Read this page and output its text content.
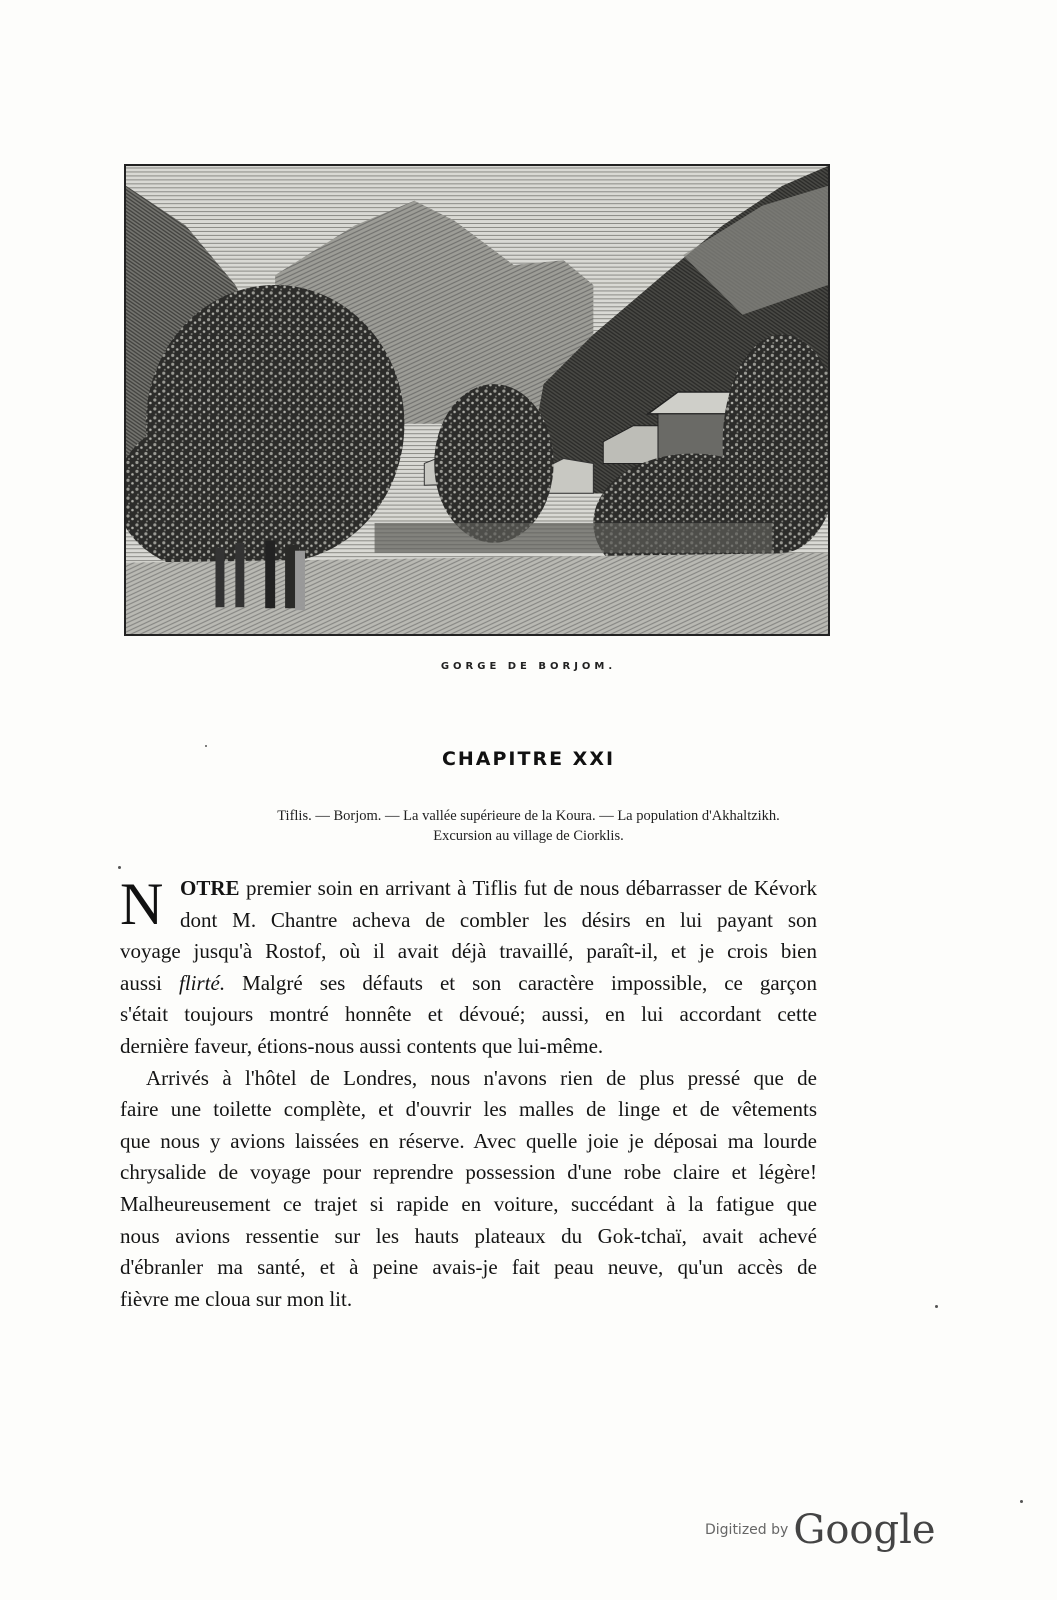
GORGE DE BORJOM.
CHAPITRE XXI
Tiflis. — Borjom. — La vallée supérieure de la Koura. — La population d'Akhaltzikh.
Excursion au village de Ciorklis.
N OTRE premier soin en arrivant à Tiflis fut de nous débarrasser de Kévork
dont M. Chantre acheva de combler les désirs en lui payant son
voyage jusqu'à Rostof, où il avait déjà travaillé, paraît-il, et je crois bien
aussi flirté. Malgré ses défauts et son caractère impossible, ce garçon
s'était toujours montré honnête et dévoué; aussi, en lui accordant cette
dernière faveur, étions-nous aussi contents que lui-même.
Arrivés à l'hôtel de Londres, nous n'avons rien de plus pressé que de
faire une toilette complète, et d'ouvrir les malles de linge et de vêtements
que nous y avions laissées en réserve. Avec quelle joie je déposai ma lourde
chrysalide de voyage pour reprendre possession d'une robe claire et légère!
Malheureusement ce trajet si rapide en voiture, succédant à la fatigue que
nous avions ressentie sur les hauts plateaux du Gok-tchaï, avait achevé
d'ébranler ma santé, et à peine avais-je fait peau neuve, qu'un accès de
fièvre me cloua sur mon lit.
Digitized by Google
